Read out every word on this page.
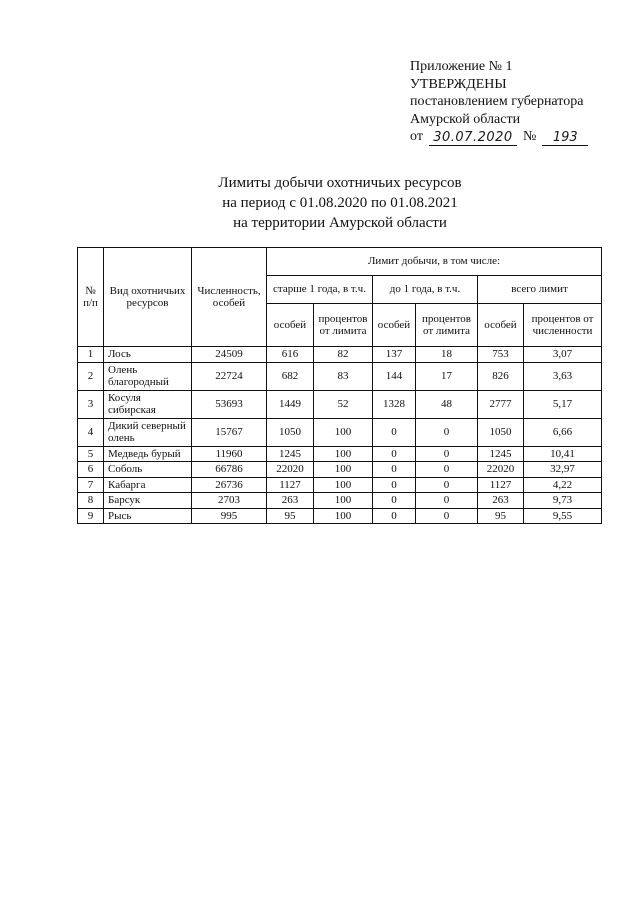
Приложение № 1
УТВЕРЖДЕНЫ
постановлением губернатора
Амурской области
от 30.07.2020 №	193
Лимиты добычи охотничьих ресурсов
на период с 01.08.2020 по 01.08.2021
на территории Амурской области
№ п/п	Вид охотничьих ресурсов	Численность, особей	Лимит добычи, в том числе:					
			старше 1 года, в т.ч.		до 1 года, в т.ч.		всего лимит	
			особей	процентов от лимита	особей	процентов от лимита	особей	процентов от численности
1	Лось	24509	616	82	137	18	753	3,07
2	Олень благородный	22724	682	83	144	17	826	3,63
3	Косуля сибирская	53693	1449	52	1328	48	2777	5,17
4	Дикий северный олень	15767	1050	100	0	0	1050	6,66
5	Медведь бурый	11960	1245	100	0	0	1245	10,41
6	Соболь	66786	22020	100	0	0	22020	32,97
7	Кабарга	26736	1127	100	0	0	1127	4,22
8	Барсук	2703	263	100	0	0	263	9,73
9	Рысь	995	95	100	0	0	95	9,55
